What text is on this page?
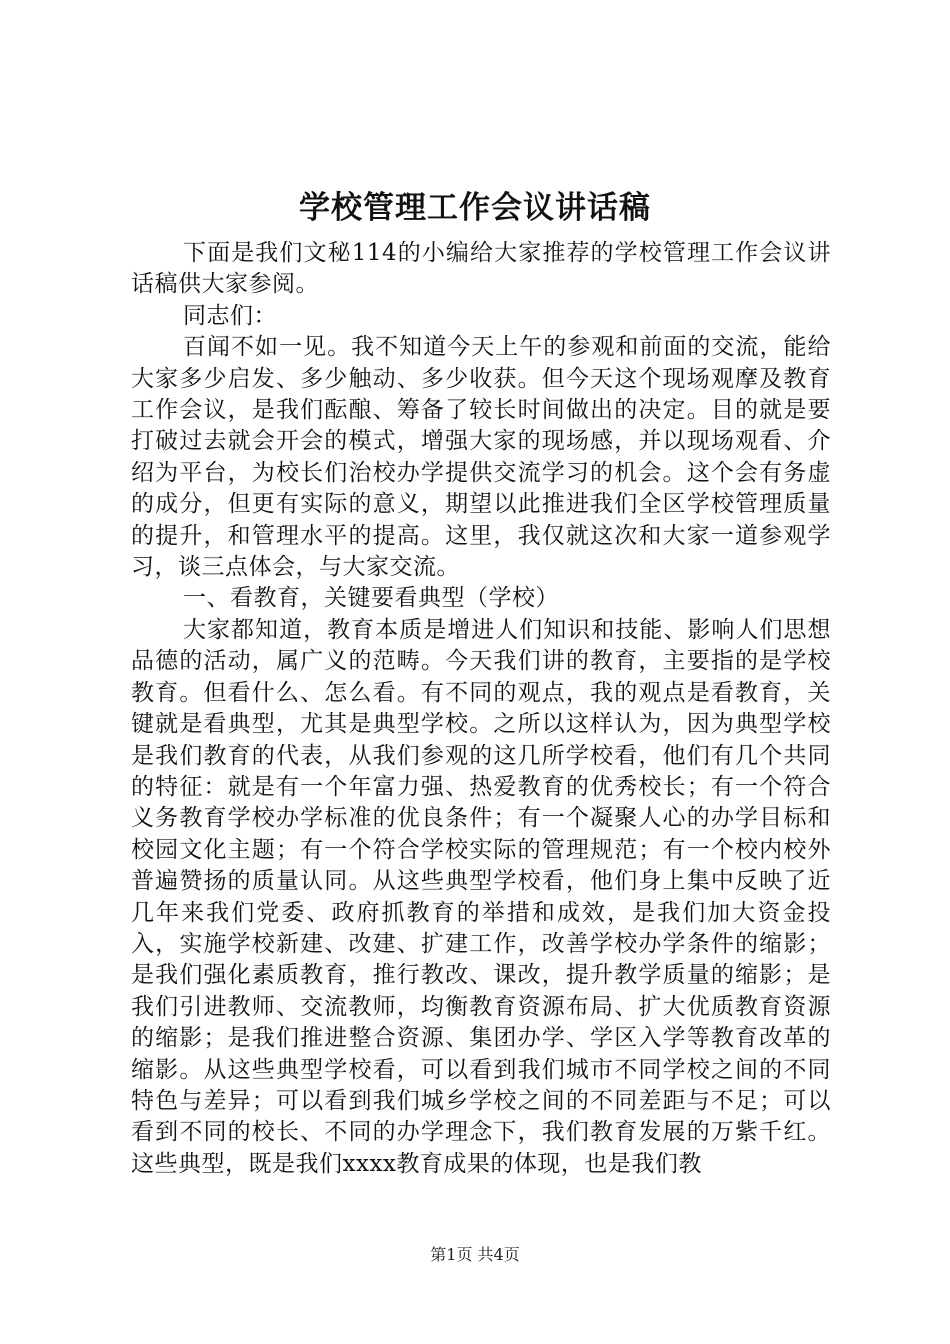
学校管理工作会议讲话稿

下面是我们文秘114的小编给大家推荐的学校管理工作会议讲话稿供大家参阅。

同志们：

百闻不如一见。我不知道今天上午的参观和前面的交流，能给大家多少启发、多少触动、多少收获。但今天这个现场观摩及教育工作会议，是我们酝酿、筹备了较长时间做出的决定。目的就是要打破过去就会开会的模式，增强大家的现场感，并以现场观看、介绍为平台，为校长们治校办学提供交流学习的机会。这个会有务虚的成分，但更有实际的意义，期望以此推进我们全区学校管理质量的提升，和管理水平的提高。这里，我仅就这次和大家一道参观学习，谈三点体会，与大家交流。

一、看教育，关键要看典型（学校）

大家都知道，教育本质是增进人们知识和技能、影响人们思想品德的活动，属广义的范畴。今天我们讲的教育，主要指的是学校教育。但看什么、怎么看。有不同的观点，我的观点是看教育，关键就是看典型，尤其是典型学校。之所以这样认为，因为典型学校是我们教育的代表，从我们参观的这几所学校看，他们有几个共同的特征：就是有一个年富力强、热爱教育的优秀校长；有一个符合义务教育学校办学标准的优良条件；有一个凝聚人心的办学目标和校园文化主题；有一个符合学校实际的管理规范；有一个校内校外普遍赞扬的质量认同。从这些典型学校看，他们身上集中反映了近几年来我们党委、政府抓教育的举措和成效，是我们加大资金投入，实施学校新建、改建、扩建工作，改善学校办学条件的缩影；是我们强化素质教育，推行教改、课改，提升教学质量的缩影；是我们引进教师、交流教师，均衡教育资源布局、扩大优质教育资源的缩影；是我们推进整合资源、集团办学、学区入学等教育改革的缩影。从这些典型学校看，可以看到我们城市不同学校之间的不同特色与差异；可以看到我们城乡学校之间的不同差距与不足；可以看到不同的校长、不同的办学理念下，我们教育发展的万紫千红。这些典型，既是我们xxxx教育成果的体现，也是我们教

第1页 共4页
